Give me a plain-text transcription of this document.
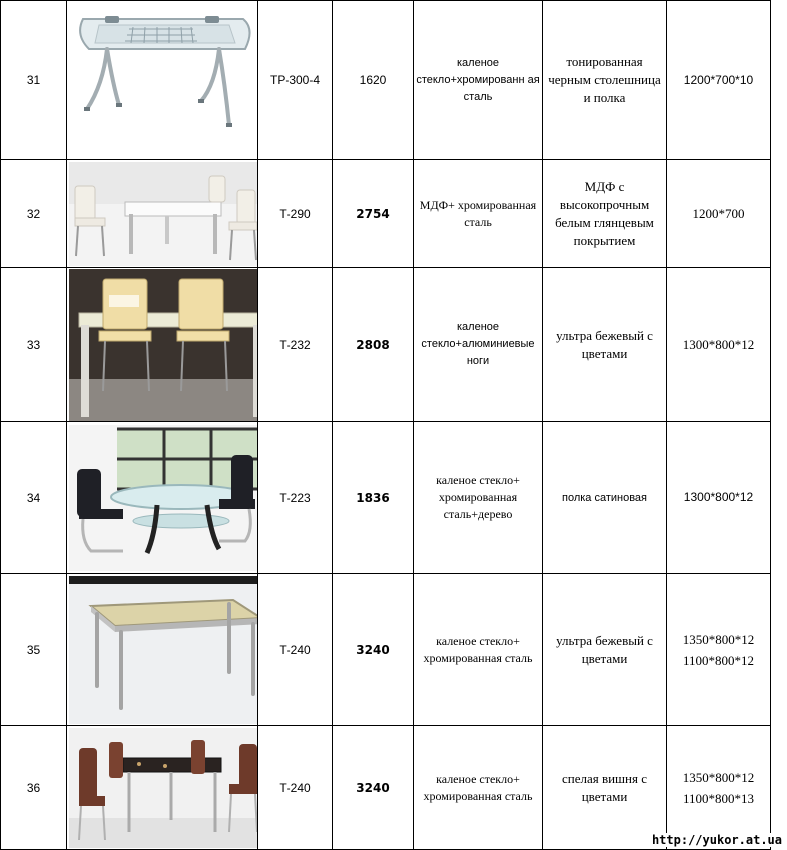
31		ТР-300-4	1620	каленое стекло+хромированн ая сталь	тонированная черным столешница и полка	1200*700*10

32		Т-290	2754	МДФ+ хромированная сталь	МДФ с высокопрочным белым глянцевым покрытием	1200*700

33		Т-232	2808	каленое стекло+алюминиевые ноги	ультра бежевый с цветами	1300*800*12

34		Т-223	1836	каленое стекло+ хромированная сталь+дерево	полка сатиновая	1300*800*12

35		Т-240	3240	каленое стекло+ хромированная сталь	ультра бежевый с цветами	1350*800*12
1100*800*12

36		Т-240	3240	каленое стекло+ хромированная сталь	спелая вишня с цветами	1350*800*12
1100*800*13
http://yukor.at.ua
